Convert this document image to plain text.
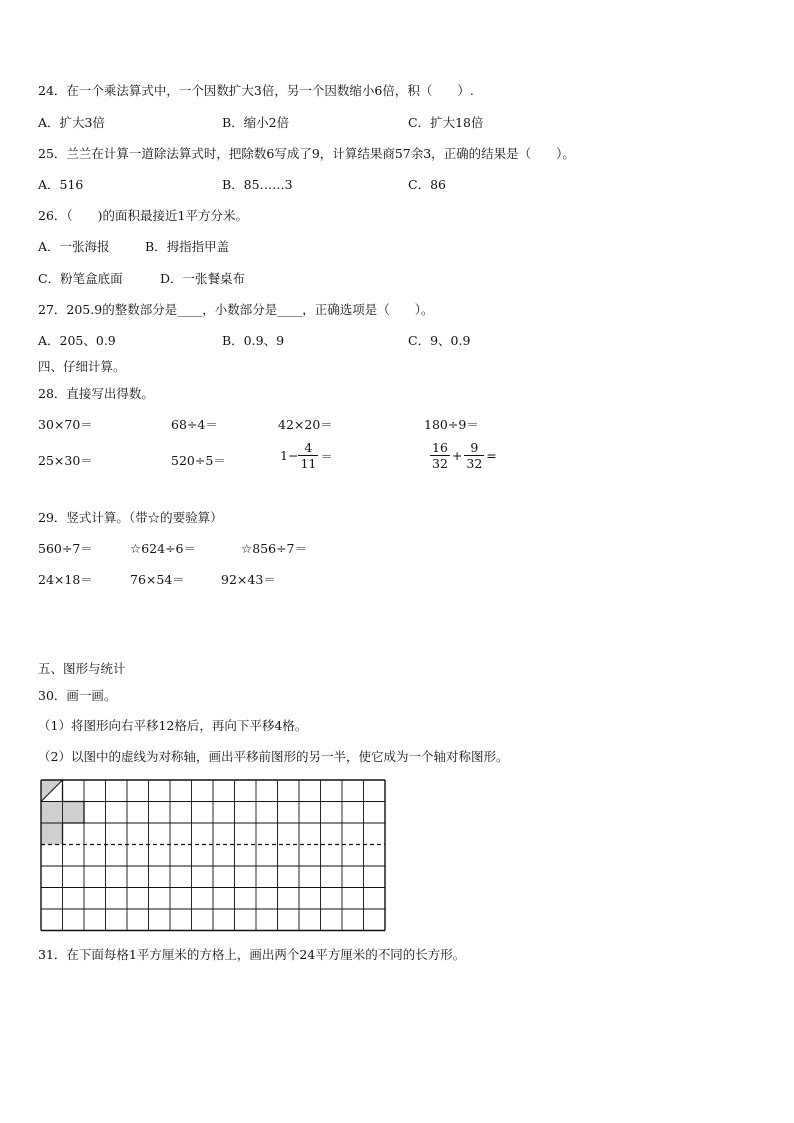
24．在一个乘法算式中，一个因数扩大3倍，另一个因数缩小6倍，积（　　）.
A．扩大3倍	B．缩小2倍	C．扩大18倍
25．兰兰在计算一道除法算式时，把除数6写成了9，计算结果商57余3，正确的结果是（　　）。
A．516	B．85……3	C．86
26．（　　)的面积最接近1平方分米。
A．一张海报	B．拇指指甲盖
C．粉笔盒底面	D．一张餐桌布
27．205.9的整数部分是____，小数部分是____，正确选项是（　　）。
A．205、0.9	B．0.9、9	C．9、0.9
四、仔细计算。
28．直接写出得数。
30×70＝	68÷4＝	42×20＝	180÷9＝
25×30＝	520÷5＝	$1- \frac{4}{11}$ ＝	$\frac{16}{32} + \frac{9}{32}$ =
29．竖式计算。（带☆的要验算）
560÷7＝	☆624÷6＝	☆856÷7＝
24×18＝	76×54＝	92×43＝
五、图形与统计
30．画一画。
（1）将图形向右平移12格后，再向下平移4格。
（2）以图中的虚线为对称轴，画出平移前图形的另一半，使它成为一个轴对称图形。
31．在下面每格1平方厘米的方格上，画出两个24平方厘米的不同的长方形。
